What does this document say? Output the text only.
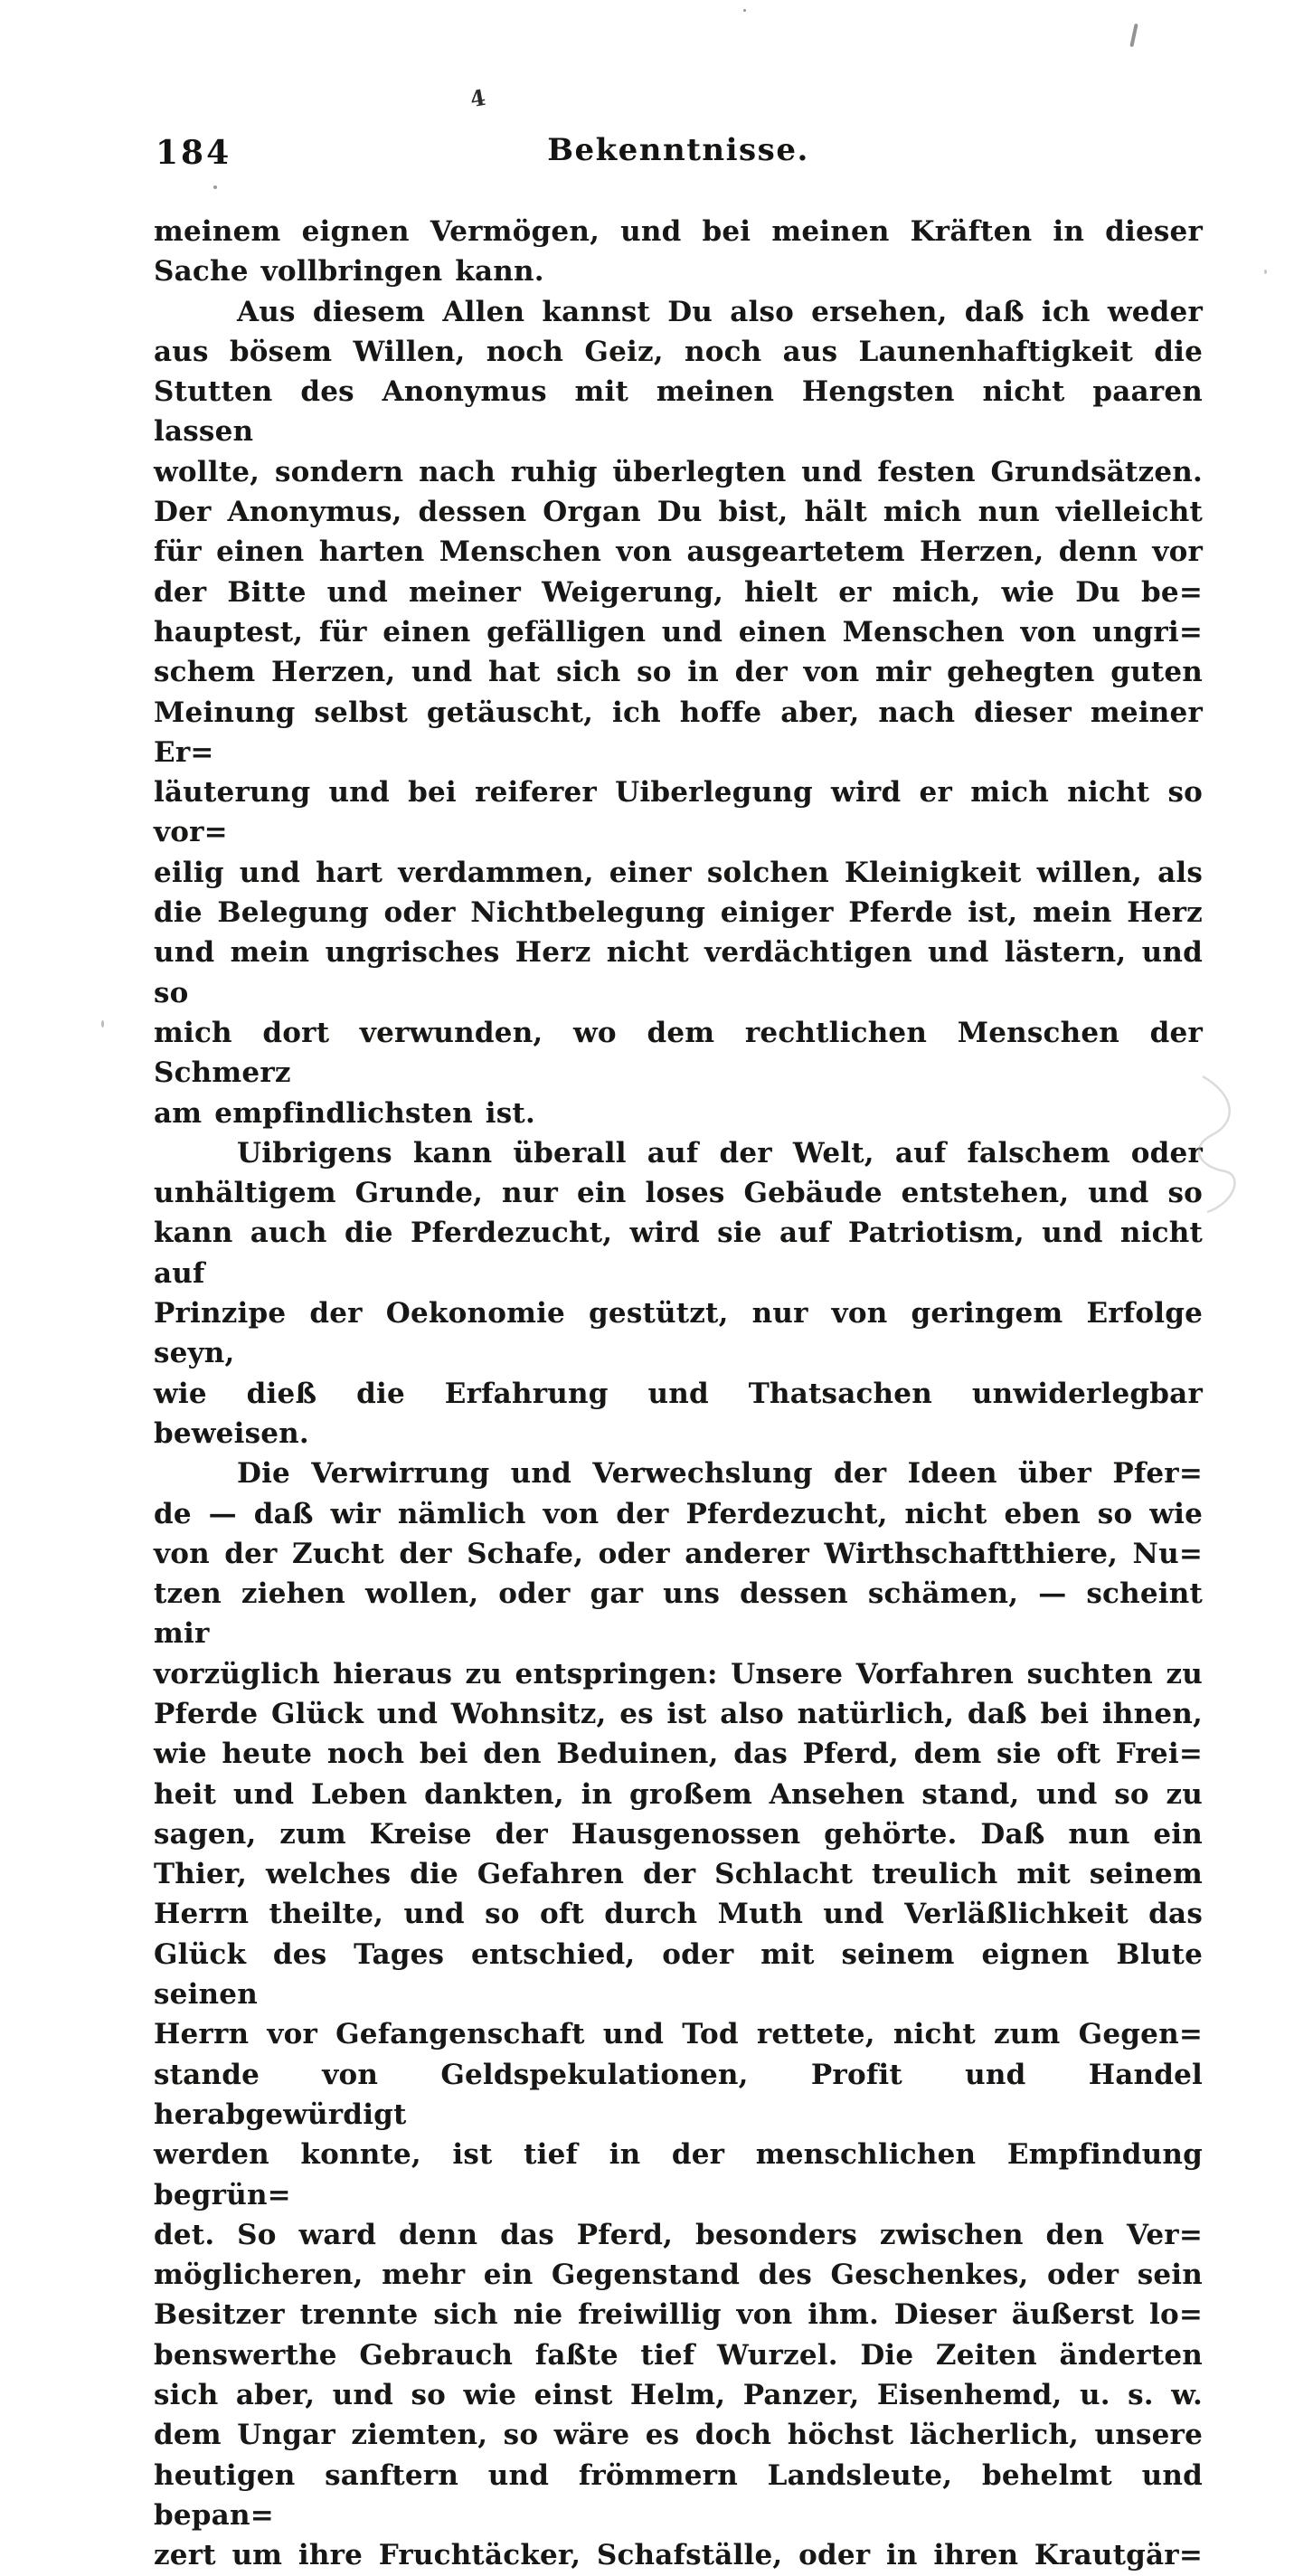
4
184	Bekenntnisse.
meinem eignen Vermögen, und bei meinen Kräften in dieser
Sache vollbringen kann.
Aus diesem Allen kannst Du also ersehen, daß ich weder
aus bösem Willen, noch Geiz, noch aus Launenhaftigkeit die
Stutten des Anonymus mit meinen Hengsten nicht paaren lassen
wollte, sondern nach ruhig überlegten und festen Grundsätzen.
Der Anonymus, dessen Organ Du bist, hält mich nun vielleicht
für einen harten Menschen von ausgeartetem Herzen, denn vor
der Bitte und meiner Weigerung, hielt er mich, wie Du be=
hauptest, für einen gefälligen und einen Menschen von ungri=
schem Herzen, und hat sich so in der von mir gehegten guten
Meinung selbst getäuscht, ich hoffe aber, nach dieser meiner Er=
läuterung und bei reiferer Uiberlegung wird er mich nicht so vor=
eilig und hart verdammen, einer solchen Kleinigkeit willen, als
die Belegung oder Nichtbelegung einiger Pferde ist, mein Herz
und mein ungrisches Herz nicht verdächtigen und lästern, und so
mich dort verwunden, wo dem rechtlichen Menschen der Schmerz
am empfindlichsten ist.
Uibrigens kann überall auf der Welt, auf falschem oder
unhältigem Grunde, nur ein loses Gebäude entstehen, und so
kann auch die Pferdezucht, wird sie auf Patriotism, und nicht auf
Prinzipe der Oekonomie gestützt, nur von geringem Erfolge seyn,
wie dieß die Erfahrung und Thatsachen unwiderlegbar beweisen.
Die Verwirrung und Verwechslung der Ideen über Pfer=
de — daß wir nämlich von der Pferdezucht, nicht eben so wie
von der Zucht der Schafe, oder anderer Wirthschaftthiere, Nu=
tzen ziehen wollen, oder gar uns dessen schämen, — scheint mir
vorzüglich hieraus zu entspringen: Unsere Vorfahren suchten zu
Pferde Glück und Wohnsitz, es ist also natürlich, daß bei ihnen,
wie heute noch bei den Beduinen, das Pferd, dem sie oft Frei=
heit und Leben dankten, in großem Ansehen stand, und so zu
sagen, zum Kreise der Hausgenossen gehörte. Daß nun ein
Thier, welches die Gefahren der Schlacht treulich mit seinem
Herrn theilte, und so oft durch Muth und Verläßlichkeit das
Glück des Tages entschied, oder mit seinem eignen Blute seinen
Herrn vor Gefangenschaft und Tod rettete, nicht zum Gegen=
stande von Geldspekulationen, Profit und Handel herabgewürdigt
werden konnte, ist tief in der menschlichen Empfindung begrün=
det. So ward denn das Pferd, besonders zwischen den Ver=
möglicheren, mehr ein Gegenstand des Geschenkes, oder sein
Besitzer trennte sich nie freiwillig von ihm. Dieser äußerst lo=
benswerthe Gebrauch faßte tief Wurzel. Die Zeiten änderten
sich aber, und so wie einst Helm, Panzer, Eisenhemd, u. s. w.
dem Ungar ziemten, so wäre es doch höchst lächerlich, unsere
heutigen sanftern und frömmern Landsleute, behelmt und bepan=
zert um ihre Fruchtäcker, Schafställe, oder in ihren Krautgär=
